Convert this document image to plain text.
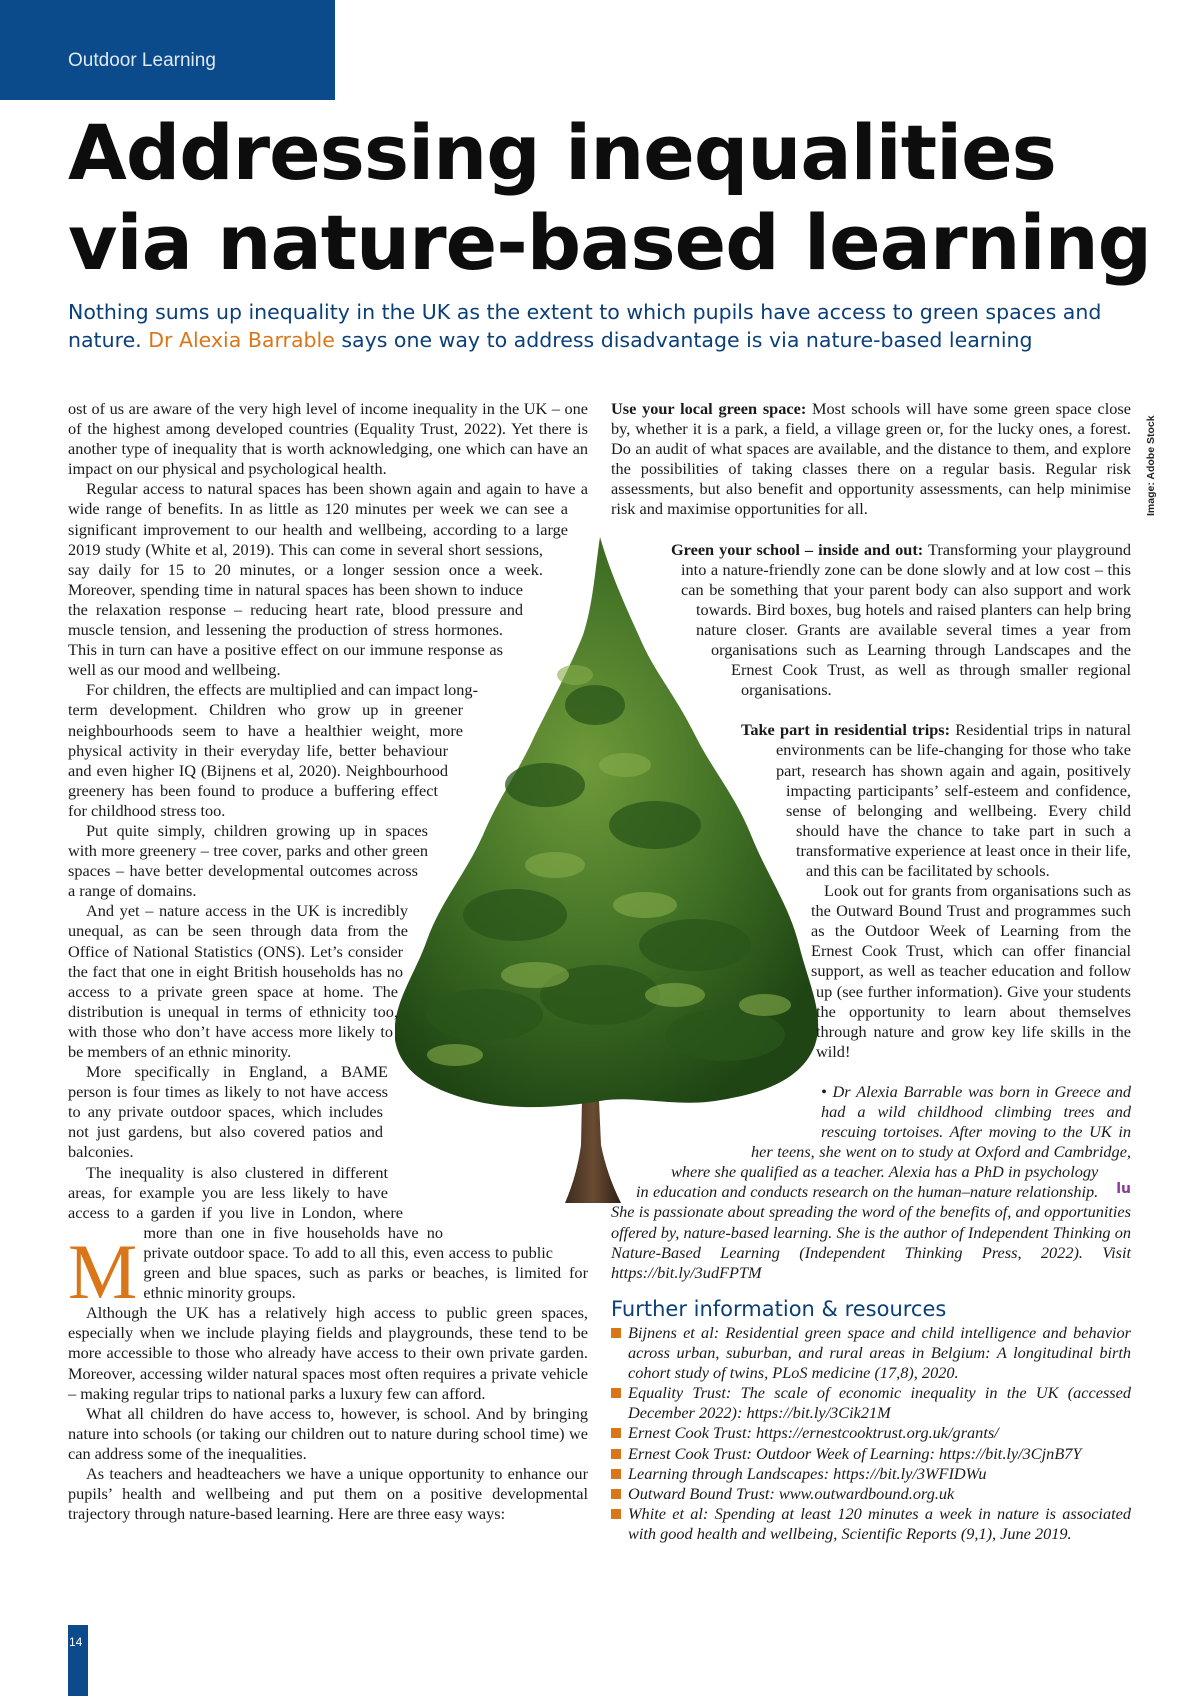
Outdoor Learning
Addressing inequalities
via nature-based learning

Nothing sums up inequality in the UK as the extent to which pupils have access to green spaces and nature. Dr Alexia Barrable says one way to address disadvantage is via nature-based learning

Image: Adobe Stock

M
ost of us are aware of the very high level of income inequality in the UK – one of the highest among developed countries (Equality Trust, 2022). Yet there is another type of inequality that is worth acknowledging, one which can have an impact on our physical and psychological health.

Regular access to natural spaces has been shown again and again to have a wide range of benefits. In as little as 120 minutes per week we can see a significant improvement to our health and wellbeing, according to a large 2019 study (White et al, 2019). This can come in several short sessions, say daily for 15 to 20 minutes, or a longer session once a week. Moreover, spending time in natural spaces has been shown to induce the relaxation response – reducing heart rate, blood pressure and muscle tension, and lessening the production of stress hormones. This in turn can have a positive effect on our immune response as well as our mood and wellbeing.

For children, the effects are multiplied and can impact long-term development. Children who grow up in greener neighbourhoods seem to have a healthier weight, more physical activity in their everyday life, better behaviour and even higher IQ (Bijnens et al, 2020). Neighbourhood greenery has been found to produce a buffering effect for childhood stress too.

Put quite simply, children growing up in spaces with more greenery – tree cover, parks and other green spaces – have better developmental outcomes across a range of domains.

And yet – nature access in the UK is incredibly unequal, as can be seen through data from the Office of National Statistics (ONS). Let’s consider the fact that one in eight British households has no access to a private green space at home. The distribution is unequal in terms of ethnicity too, with those who don’t have access more likely to be members of an ethnic minority.

More specifically in England, a BAME person is four times as likely to not have access to any private outdoor spaces, which includes not just gardens, but also covered patios and balconies.

The inequality is also clustered in different areas, for example you are less likely to have access to a garden if you live in London, where more than one in five households have no private outdoor space. To add to all this, even access to public green and blue spaces, such as parks or beaches, is limited for ethnic minority groups.

Although the UK has a relatively high access to public green spaces, especially when we include playing fields and playgrounds, these tend to be more accessible to those who already have access to their own private garden. Moreover, accessing wilder natural spaces most often requires a private vehicle – making regular trips to national parks a luxury few can afford.

What all children do have access to, however, is school. And by bringing nature into schools (or taking our children out to nature during school time) we can address some of the inequalities.

As teachers and headteachers we have a unique opportunity to enhance our pupils’ health and wellbeing and put them on a positive developmental trajectory through nature-based learning. Here are three easy ways:

Use your local green space: Most schools will have some green space close by, whether it is a park, a field, a village green or, for the lucky ones, a forest. Do an audit of what spaces are available, and the distance to them, and explore the possibilities of taking classes there on a regular basis. Regular risk assessments, but also benefit and opportunity assessments, can help minimise risk and maximise opportunities for all.

Green your school – inside and out: Transforming your playground into a nature-friendly zone can be done slowly and at low cost – this can be something that your parent body can also support and work towards. Bird boxes, bug hotels and raised planters can help bring nature closer. Grants are available several times a year from organisations such as Learning through Landscapes and the Ernest Cook Trust, as well as through smaller regional organisations.

Take part in residential trips: Residential trips in natural environments can be life-changing for those who take part, research has shown again and again, positively impacting participants’ self-esteem and confidence, sense of belonging and wellbeing. Every child should have the chance to take part in such a transformative experience at least once in their life, and this can be facilitated by schools.

Look out for grants from organisations such as the Outward Bound Trust and programmes such as the Outdoor Week of Learning from the Ernest Cook Trust, which can offer financial support, as well as teacher education and follow up (see further information). Give your students the opportunity to learn about themselves through nature and grow key life skills in the wild!
lu

• Dr Alexia Barrable was born in Greece and had a wild childhood climbing trees and rescuing tortoises. After moving to the UK in her teens, she went on to study at Oxford and Cambridge, where she qualified as a teacher. Alexia has a PhD in psychology in education and conducts research on the human–nature relationship. She is passionate about spreading the word of the benefits of, and opportunities offered by, nature-based learning. She is the author of Independent Thinking on Nature-Based Learning (Independent Thinking Press, 2022). Visit https://bit.ly/3udFPTM

Further information & resources
Bijnens et al: Residential green space and child intelligence and behavior across urban, suburban, and rural areas in Belgium: A longitudinal birth cohort study of twins, PLoS medicine (17,8), 2020.
Equality Trust: The scale of economic inequality in the UK (accessed December 2022): https://bit.ly/3Cik21M
Ernest Cook Trust: https://ernestcooktrust.org.uk/grants/
Ernest Cook Trust: Outdoor Week of Learning: https://bit.ly/3CjnB7Y
Learning through Landscapes: https://bit.ly/3WFIDWu
Outward Bound Trust: www.outwardbound.org.uk
White et al: Spending at least 120 minutes a week in nature is associated with good health and wellbeing, Scientific Reports (9,1), June 2019.
14
